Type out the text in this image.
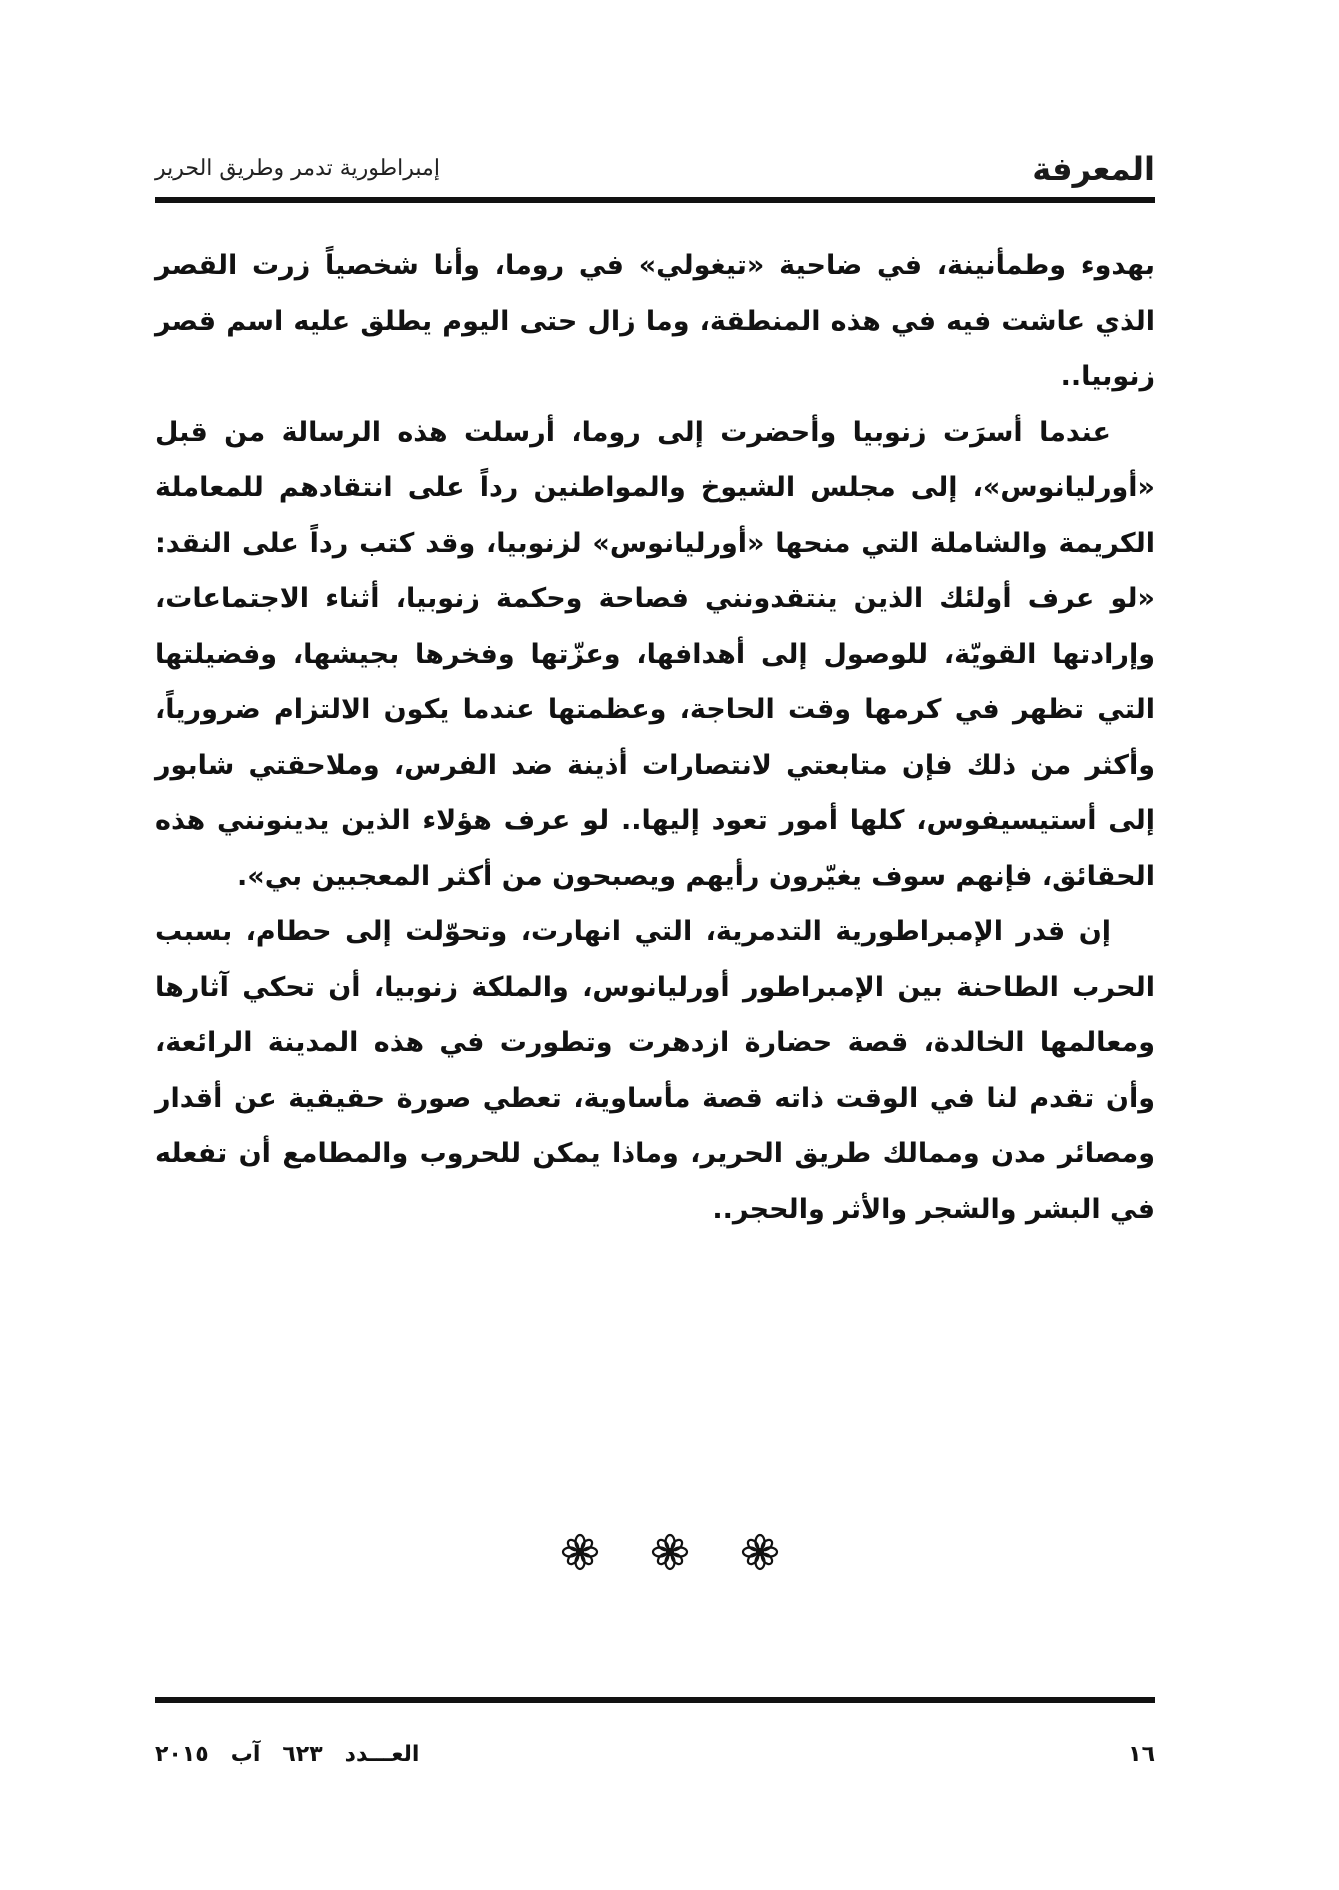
المعرفة
إمبراطورية تدمر وطريق الحرير

بهدوء وطمأنينة، في ضاحية «تيغولي» في روما، وأنا شخصياً زرت القصر الذي عاشت فيه في هذه المنطقة، وما زال حتى اليوم يطلق عليه اسم قصر زنوبيا..

عندما أسرَت زنوبيا وأحضرت إلى روما، أرسلت هذه الرسالة من قبل «أورليانوس»، إلى مجلس الشيوخ والمواطنين رداً على انتقادهم للمعاملة الكريمة والشاملة التي منحها «أورليانوس» لزنوبيا، وقد كتب رداً على النقد: «لو عرف أولئك الذين ينتقدونني فصاحة وحكمة زنوبيا، أثناء الاجتماعات، وإرادتها القويّة، للوصول إلى أهدافها، وعزّتها وفخرها بجيشها، وفضيلتها التي تظهر في كرمها وقت الحاجة، وعظمتها عندما يكون الالتزام ضرورياً، وأكثر من ذلك فإن متابعتي لانتصارات أذينة ضد الفرس، وملاحقتي شابور إلى أستيسيفوس، كلها أمور تعود إليها.. لو عرف هؤلاء الذين يدينونني هذه الحقائق، فإنهم سوف يغيّرون رأيهم ويصبحون من أكثر المعجبين بي».

إن قدر الإمبراطورية التدمرية، التي انهارت، وتحوّلت إلى حطام، بسبب الحرب الطاحنة بين الإمبراطور أورليانوس، والملكة زنوبيا، أن تحكي آثارها ومعالمها الخالدة، قصة حضارة ازدهرت وتطورت في هذه المدينة الرائعة، وأن تقدم لنا في الوقت ذاته قصة مأساوية، تعطي صورة حقيقية عن أقدار ومصائر مدن وممالك طريق الحرير، وماذا يمكن للحروب والمطامع أن تفعله في البشر والشجر والأثر والحجر..

١٦
العـــدد
٦٢٣
آب
٢٠١٥
